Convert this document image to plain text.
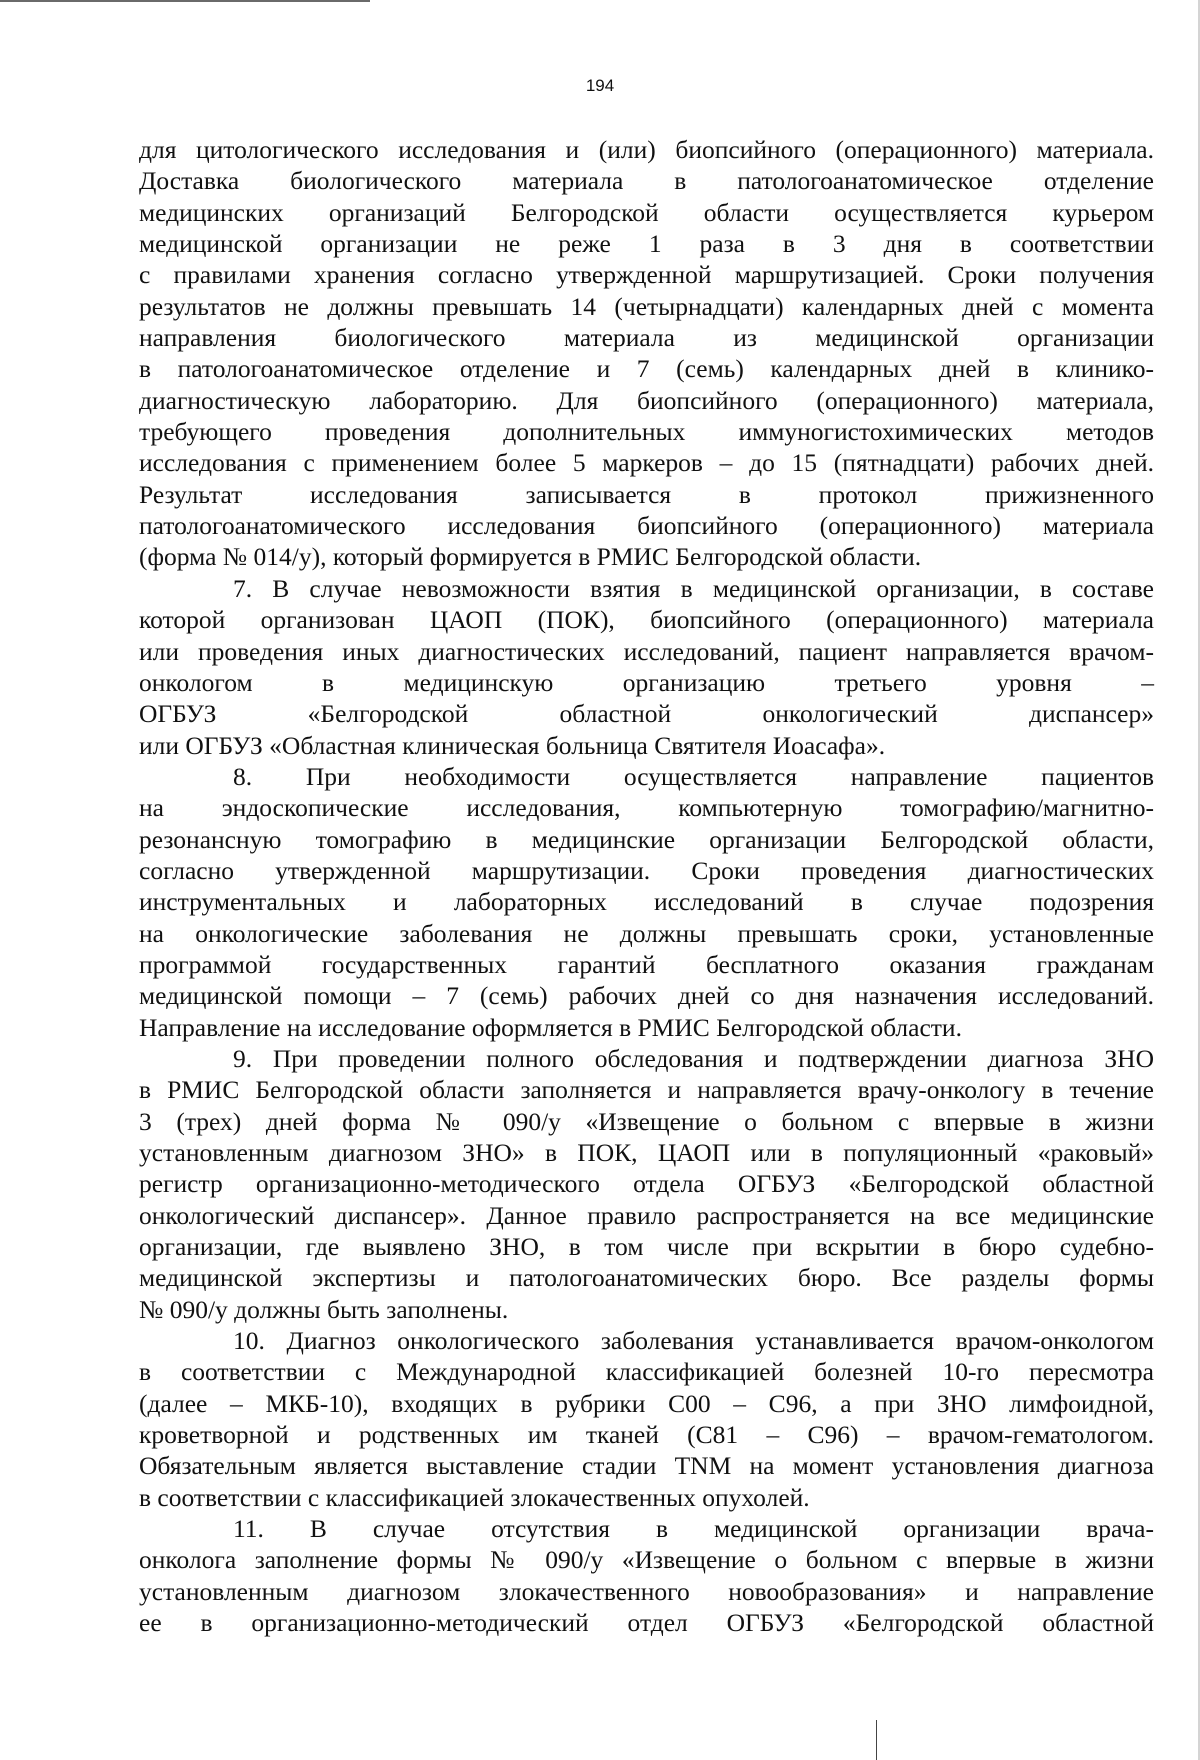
194

для цитологического исследования и (или) биопсийного (операционного) материала.
Доставка биологического материала в патологоанатомическое отделение
медицинских организаций Белгородской области осуществляется курьером
медицинской организации не реже 1 раза в 3 дня в соответствии
с правилами хранения согласно утвержденной маршрутизацией. Сроки получения
результатов не должны превышать 14 (четырнадцати) календарных дней с момента
направления биологического материала из медицинской организации
в патологоанатомическое отделение и 7 (семь) календарных дней в клинико-
диагностическую лабораторию. Для биопсийного (операционного) материала,
требующего проведения дополнительных иммуногистохимических методов
исследования с применением более 5 маркеров – до 15 (пятнадцати) рабочих дней.
Результат исследования записывается в протокол прижизненного
патологоанатомического исследования биопсийного (операционного) материала
(форма № 014/у), который формируется в РМИС Белгородской области.

7. В случае невозможности взятия в медицинской организации, в составе
которой организован ЦАОП (ПОК), биопсийного (операционного) материала
или проведения иных диагностических исследований, пациент направляется врачом-
онкологом в медицинскую организацию третьего уровня –
ОГБУЗ «Белгородской областной онкологический диспансер»
или ОГБУЗ «Областная клиническая больница Святителя Иоасафа».

8. При необходимости осуществляется направление пациентов
на эндоскопические исследования, компьютерную томографию/магнитно-
резонансную томографию в медицинские организации Белгородской области,
согласно утвержденной маршрутизации. Сроки проведения диагностических
инструментальных и лабораторных исследований в случае подозрения
на онкологические заболевания не должны превышать сроки, установленные
программой государственных гарантий бесплатного оказания гражданам
медицинской помощи – 7 (семь) рабочих дней со дня назначения исследований.
Направление на исследование оформляется в РМИС Белгородской области.

9. При проведении полного обследования и подтверждении диагноза ЗНО
в РМИС Белгородской области заполняется и направляется врачу-онкологу в течение
3 (трех) дней форма № 090/у «Извещение о больном с впервые в жизни
установленным диагнозом ЗНО» в ПОК, ЦАОП или в популяционный «раковый»
регистр организационно-методического отдела ОГБУЗ «Белгородской областной
онкологический диспансер». Данное правило распространяется на все медицинские
организации, где выявлено ЗНО, в том числе при вскрытии в бюро судебно-
медицинской экспертизы и патологоанатомических бюро. Все разделы формы
№ 090/у должны быть заполнены.

10. Диагноз онкологического заболевания устанавливается врачом-онкологом
в соответствии с Международной классификацией болезней 10-го пересмотра
(далее – МКБ-10), входящих в рубрики С00 – С96, а при ЗНО лимфоидной,
кроветворной и родственных им тканей (С81 – С96) – врачом-гематологом.
Обязательным является выставление стадии TNM на момент установления диагноза
в соответствии с классификацией злокачественных опухолей.

11. В случае отсутствия в медицинской организации врача-
онколога заполнение формы № 090/у «Извещение о больном с впервые в жизни
установленным диагнозом злокачественного новообразования» и направление
ее в организационно-методический отдел ОГБУЗ «Белгородской областной
